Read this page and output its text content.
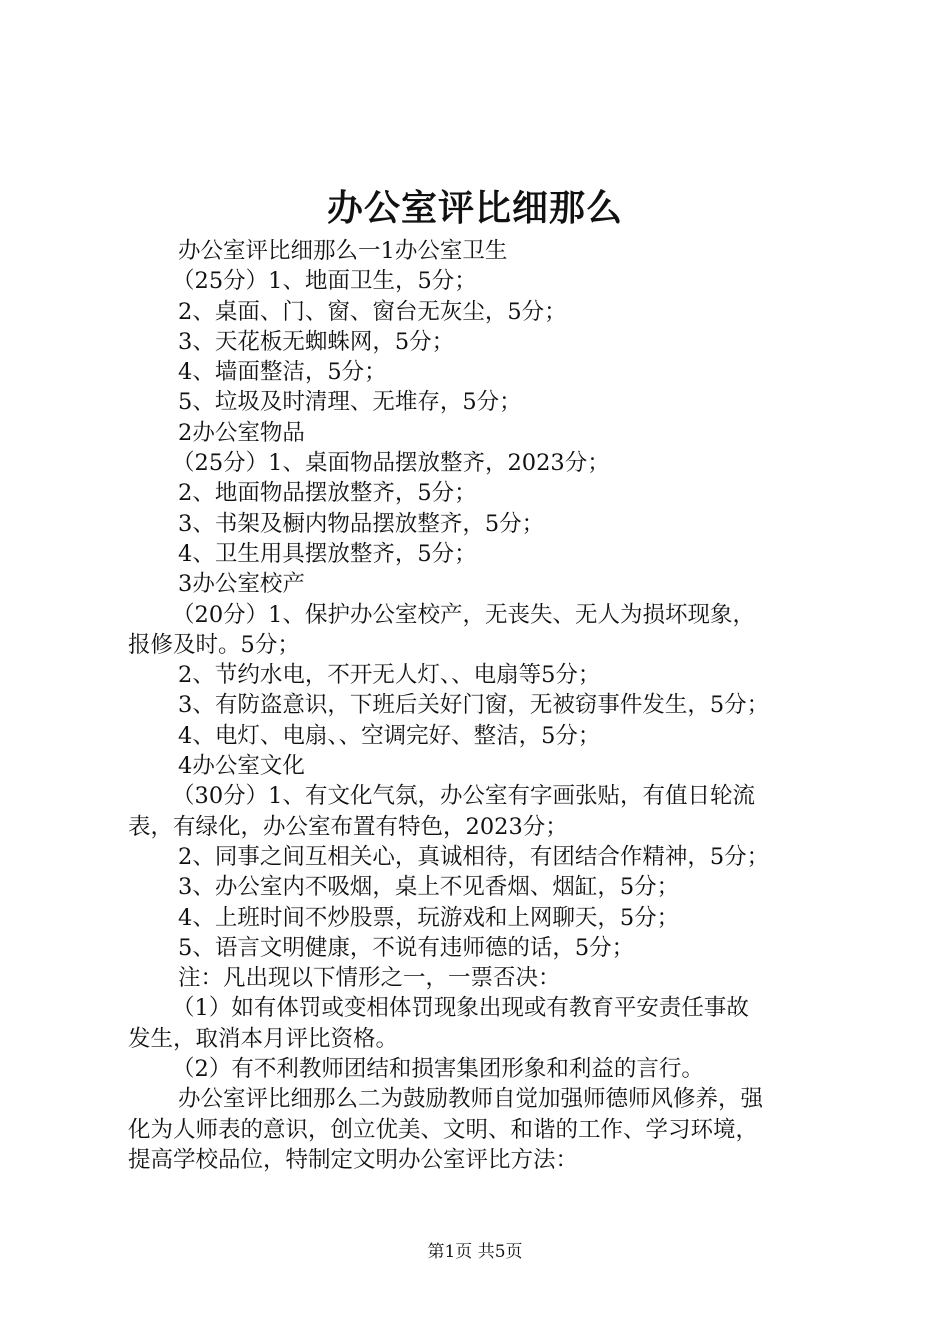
办公室评比细那么
办公室评比细那么一1办公室卫生
（25分）1、地面卫生，5分；
2、桌面、门、窗、窗台无灰尘，5分；
3、天花板无蜘蛛网，5分；
4、墙面整洁，5分；
5、垃圾及时清理、无堆存，5分；
2办公室物品
（25分）1、桌面物品摆放整齐，2023分；
2、地面物品摆放整齐，5分；
3、书架及橱内物品摆放整齐，5分；
4、卫生用具摆放整齐，5分；
3办公室校产
（20分）1、保护办公室校产，无丧失、无人为损坏现象，
报修及时。5分；
2、节约水电，不开无人灯、、电扇等5分；
3、有防盗意识，下班后关好门窗，无被窃事件发生，5分；
4、电灯、电扇、、空调完好、整洁，5分；
4办公室文化
（30分）1、有文化气氛，办公室有字画张贴，有值日轮流
表，有绿化，办公室布置有特色，2023分；
2、同事之间互相关心，真诚相待，有团结合作精神，5分；
3、办公室内不吸烟，桌上不见香烟、烟缸，5分；
4、上班时间不炒股票，玩游戏和上网聊天，5分；
5、语言文明健康，不说有违师德的话，5分；
注：凡出现以下情形之一，一票否决：
（1）如有体罚或变相体罚现象出现或有教育平安责任事故
发生，取消本月评比资格。
（2）有不利教师团结和损害集团形象和利益的言行。
办公室评比细那么二为鼓励教师自觉加强师德师风修养，强
化为人师表的意识，创立优美、文明、和谐的工作、学习环境，
提高学校品位，特制定文明办公室评比方法：
第1页 共5页
